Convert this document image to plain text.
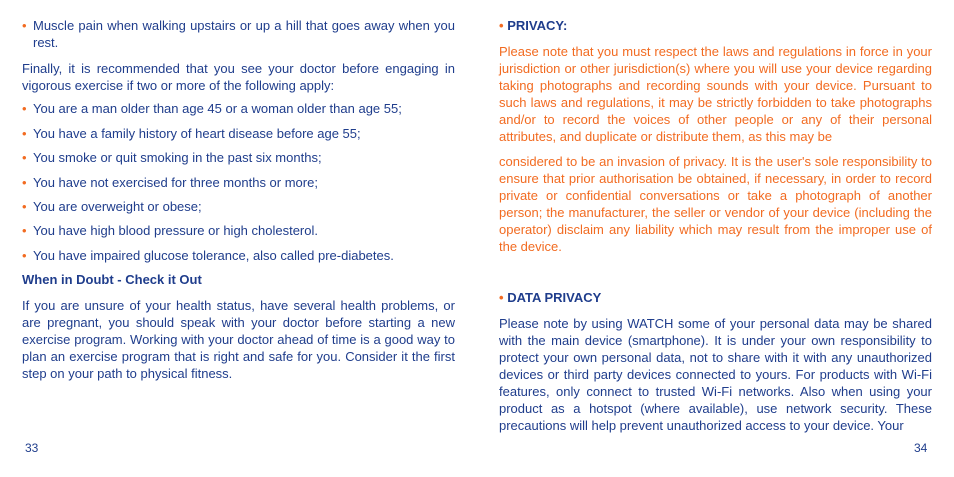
• Muscle pain when walking upstairs or up a hill that goes away when you rest.
Finally, it is recommended that you see your doctor before engaging in vigorous exercise if two or more of the following apply:
• You are a man older than age 45 or a woman older than age 55;
• You have a family history of heart disease before age 55;
• You smoke or quit smoking in the past six months;
• You have not exercised for three months or more;
• You are overweight or obese;
• You have high blood pressure or high cholesterol.
• You have impaired glucose tolerance, also called pre-diabetes.
When in Doubt - Check it Out
If you are unsure of your health status, have several health problems, or are pregnant, you should speak with your doctor before starting a new exercise program. Working with your doctor ahead of time is a good way to plan an exercise program that is right and safe for you. Consider it the first step on your path to physical fitness.
33
• PRIVACY:
Please note that you must respect the laws and regulations in force in your jurisdiction or other jurisdiction(s) where you will use your device regarding taking photographs and recording sounds with your device. Pursuant to such laws and regulations, it may be strictly forbidden to take photographs and/or to record the voices of other people or any of their personal attributes, and duplicate or distribute them, as this may be
considered to be an invasion of privacy. It is the user's sole responsibility to ensure that prior authorisation be obtained, if necessary, in order to record private or confidential conversations or take a photograph of another person; the manufacturer, the seller or vendor of your device (including the operator) disclaim any liability which may result from the improper use of the device.
• DATA PRIVACY
Please note by using WATCH some of your personal data may be shared with the main device (smartphone). It is under your own responsibility to protect your own personal data, not to share with it with any unauthorized devices or third party devices connected to yours. For products with Wi-Fi features, only connect to trusted Wi-Fi networks. Also when using your product as a hotspot (where available), use network security. These precautions will help prevent unauthorized access to your device. Your
34
